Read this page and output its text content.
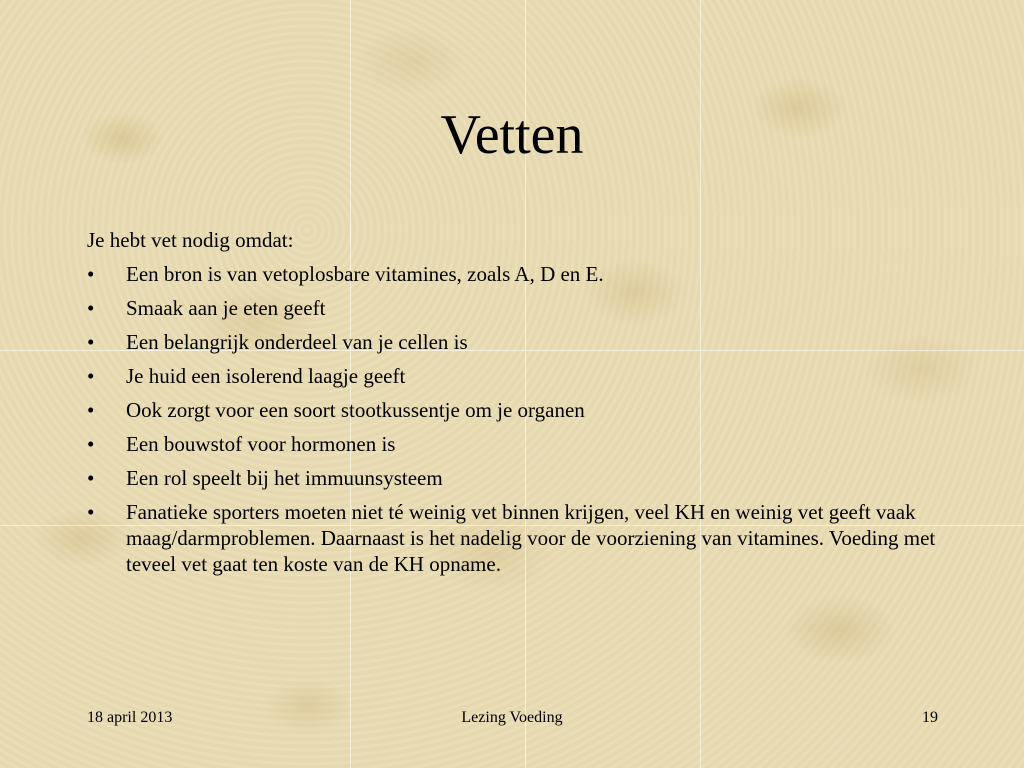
Vetten

Je hebt vet nodig omdat:

• Een bron is van vetoplosbare vitamines, zoals A, D en E.
• Smaak aan je eten geeft
• Een belangrijk onderdeel van je cellen is
• Je huid een isolerend laagje geeft
• Ook zorgt voor een soort stootkussentje om je organen
• Een bouwstof voor hormonen is
• Een rol speelt bij het immuunsysteem
• Fanatieke sporters moeten niet té weinig vet binnen krijgen, veel KH en weinig vet geeft vaak maag/darmproblemen. Daarnaast is het nadelig voor de voorziening van vitamines. Voeding met teveel vet gaat ten koste van de KH opname.
18 april 2013	Lezing Voeding	19
